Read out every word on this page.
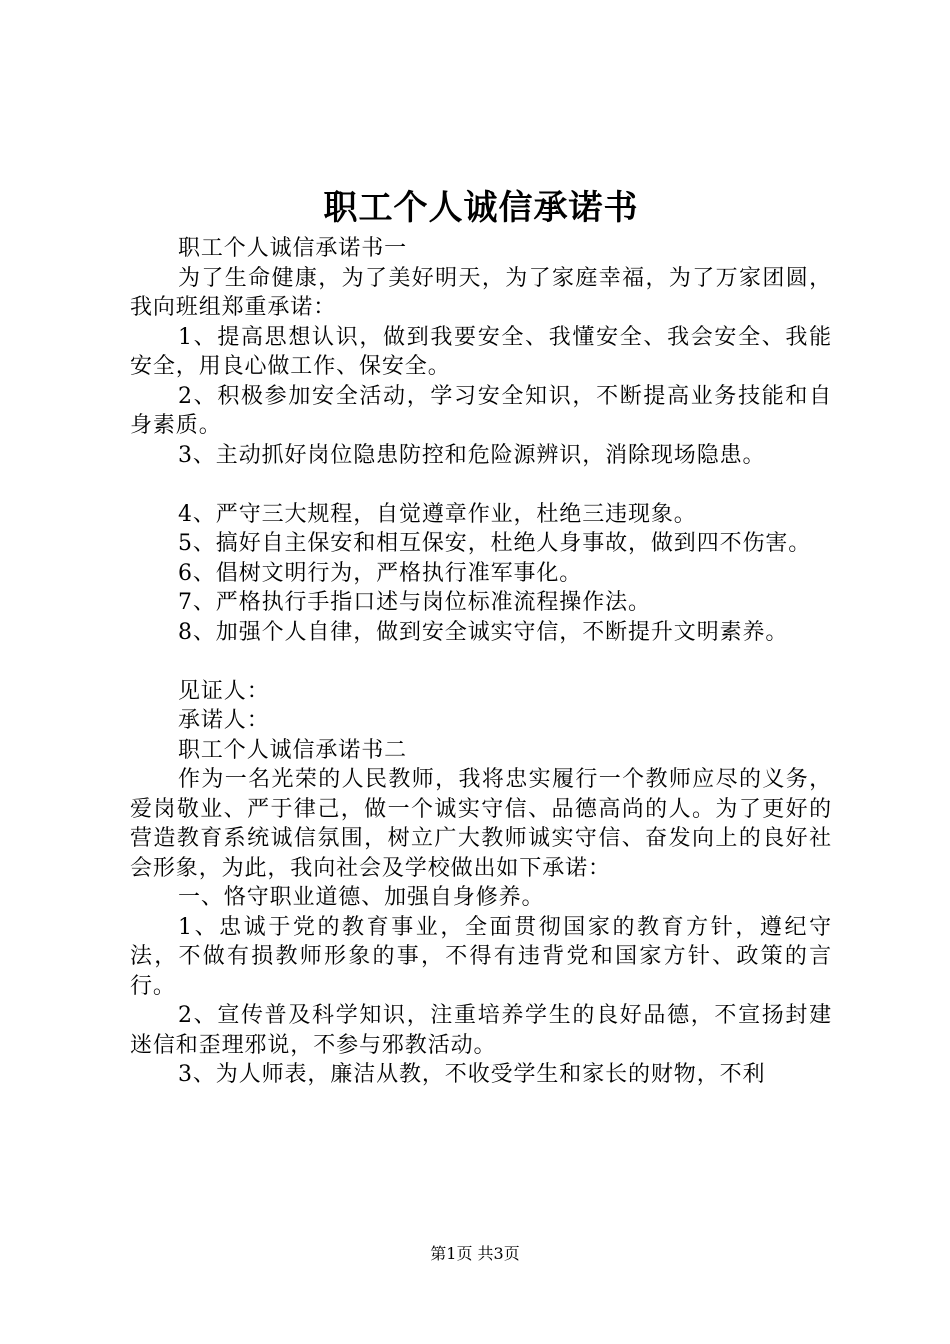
职工个人诚信承诺书

职工个人诚信承诺书一

为了生命健康，为了美好明天，为了家庭幸福，为了万家团圆，我向班组郑重承诺：

1、提高思想认识，做到我要安全、我懂安全、我会安全、我能安全，用良心做工作、保安全。

2、积极参加安全活动，学习安全知识，不断提高业务技能和自身素质。

3、主动抓好岗位隐患防控和危险源辨识，消除现场隐患。

4、严守三大规程，自觉遵章作业，杜绝三违现象。

5、搞好自主保安和相互保安，杜绝人身事故，做到四不伤害。

6、倡树文明行为，严格执行准军事化。

7、严格执行手指口述与岗位标准流程操作法。

8、加强个人自律，做到安全诚实守信，不断提升文明素养。

见证人：

承诺人：

职工个人诚信承诺书二

作为一名光荣的人民教师，我将忠实履行一个教师应尽的义务，爱岗敬业、严于律己，做一个诚实守信、品德高尚的人。为了更好的营造教育系统诚信氛围，树立广大教师诚实守信、奋发向上的良好社会形象，为此，我向社会及学校做出如下承诺：

一、恪守职业道德、加强自身修养。

1、忠诚于党的教育事业，全面贯彻国家的教育方针，遵纪守法，不做有损教师形象的事，不得有违背党和国家方针、政策的言行。

2、宣传普及科学知识，注重培养学生的良好品德，不宣扬封建迷信和歪理邪说，不参与邪教活动。

3、为人师表，廉洁从教，不收受学生和家长的财物，不利

第1页 共3页
